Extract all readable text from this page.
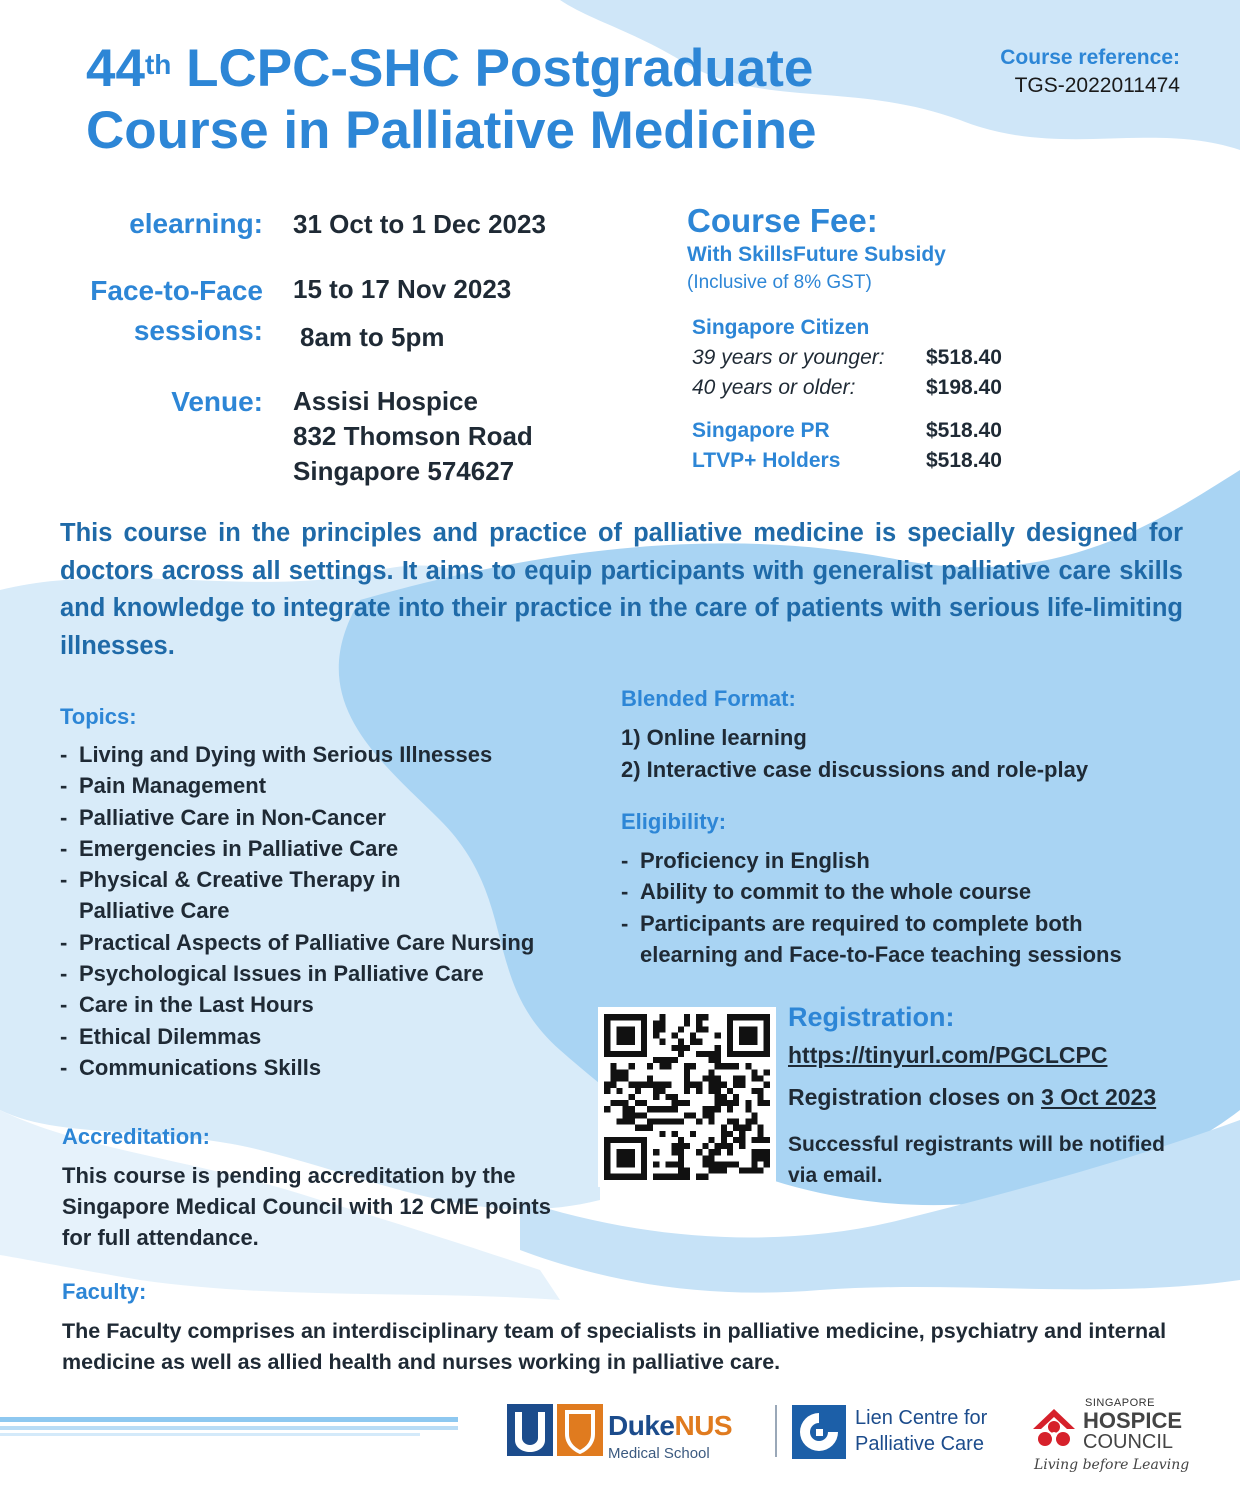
44th LCPC-SHC Postgraduate
Course in Palliative Medicine
Course reference:
TGS-2022011474
elearning: 31 Oct to 1 Dec 2023
Face-to-Face
sessions:
15 to 17 Nov 2023
8am to 5pm
Venue: Assisi Hospice
832 Thomson Road
Singapore 574627
Course Fee:
With SkillsFuture Subsidy
(Inclusive of 8% GST)
Singapore Citizen
39 years or younger: $518.40
40 years or older:	$198.40
Singapore PR	$518.40
LTVP+ Holders	$518.40
This course in the principles and practice of palliative medicine is specially designed for doctors across all settings. It aims to equip participants with generalist palliative care skills and knowledge to integrate into their practice in the care of patients with serious life-limiting illnesses.
Topics:
- Living and Dying with Serious Illnesses
- Pain Management
- Palliative Care in Non-Cancer
- Emergencies in Palliative Care
- Physical & Creative Therapy in Palliative Care
- Practical Aspects of Palliative Care Nursing
- Psychological Issues in Palliative Care
- Care in the Last Hours
- Ethical Dilemmas
- Communications Skills
Blended Format:
1) Online learning
2) Interactive case discussions and role-play
Eligibility:
- Proficiency in English
- Ability to commit to the whole course
- Participants are required to complete both elearning and Face-to-Face teaching sessions
Registration:
https://tinyurl.com/PGCLCPC
Registration closes on 3 Oct 2023
Successful registrants will be notified via email.
Accreditation:
This course is pending accreditation by the Singapore Medical Council with 12 CME points for full attendance.
Faculty:
The Faculty comprises an interdisciplinary team of specialists in palliative medicine, psychiatry and internal medicine as well as allied health and nurses working in palliative care.
DukeNUS
Medical School
Lien Centre for
Palliative Care
SINGAPORE
HOSPICE
COUNCIL
Living before Leaving
